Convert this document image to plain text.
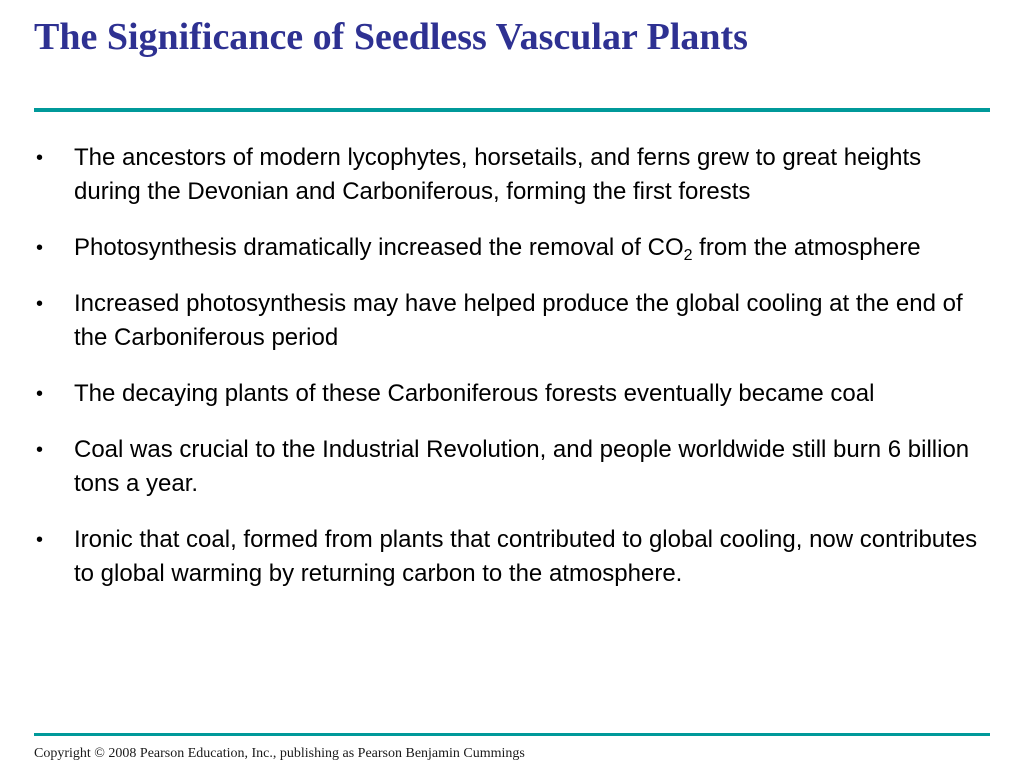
The Significance of Seedless Vascular Plants
• The ancestors of modern lycophytes, horsetails, and ferns grew to great heights during the Devonian and Carboniferous, forming the first forests
• Photosynthesis dramatically increased the removal of $CO_2$ from the atmosphere
• Increased photosynthesis may have helped produce the global cooling at the end of the Carboniferous period
• The decaying plants of these Carboniferous forests eventually became coal
• Coal was crucial to the Industrial Revolution, and people worldwide still burn 6 billion tons a year.
• Ironic that coal, formed from plants that contributed to global cooling, now contributes to global warming by returning carbon to the atmosphere.
Copyright © 2008 Pearson Education, Inc., publishing as Pearson Benjamin Cummings
